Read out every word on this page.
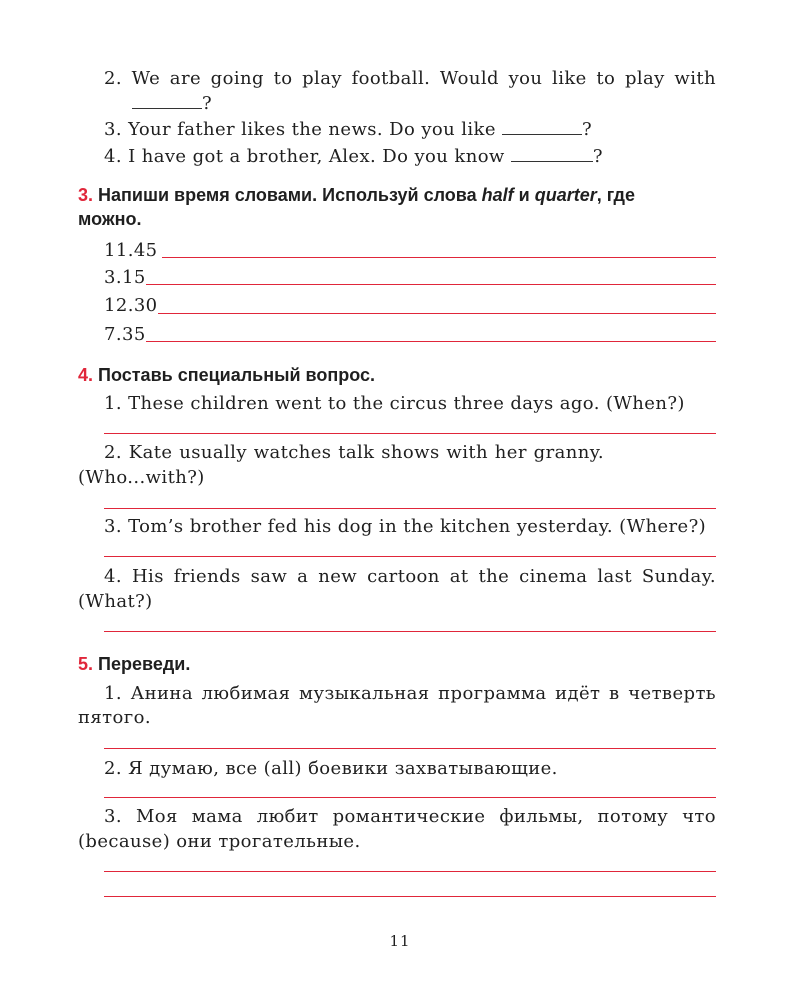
2. We are going to play football. Would you like to play with
?
3. Your father likes the news. Do you like	?
4. I have got a brother, Alex. Do you know	?
3. Напиши время словами. Используй слова half и quarter, где
можно.
11.45
3.15
12.30
7.35
4. Поставь специальный вопрос.
1. These children went to the circus three days ago. (When?)
2. Kate usually watches talk shows with her granny.
(Who...with?)
3. Tom’s brother fed his dog in the kitchen yesterday. (Where?)
4. His friends saw a new cartoon at the cinema last Sunday.
(What?)
5. Переведи.
1. Анина любимая музыкальная программа идёт в четверть
пятого.
2. Я думаю, все (all) боевики захватывающие.
3. Моя мама любит романтические фильмы, потому что
(because) они трогательные.
11
